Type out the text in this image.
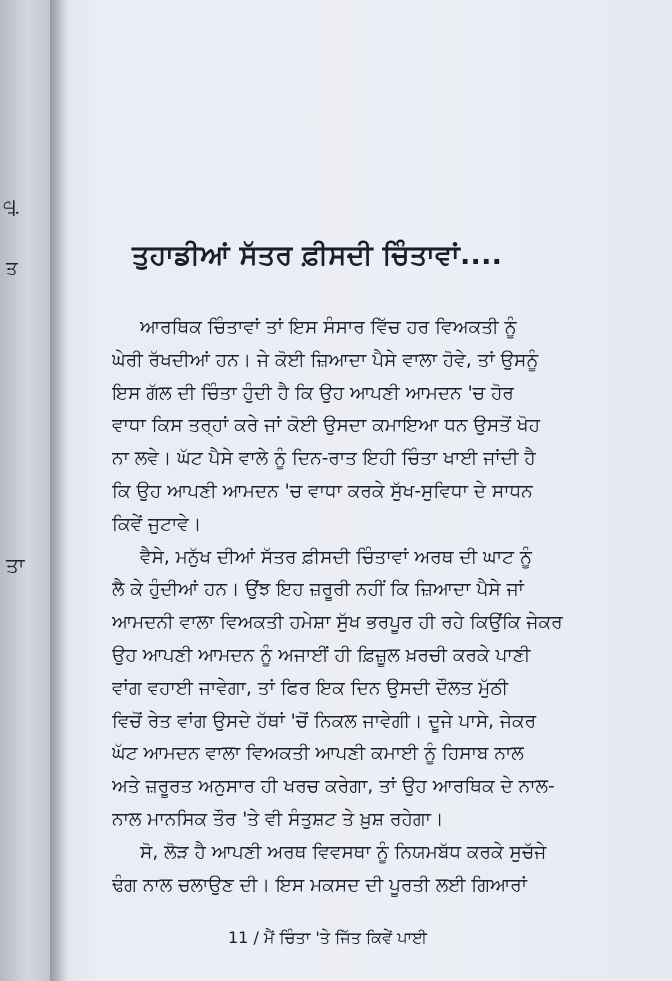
ਹਾਂ
ਤ
ਤਾ
ਤੁਹਾਡੀਆਂ ਸੱਤਰ ਫ਼ੀਸਦੀ ਚਿੰਤਾਵਾਂ....
ਆਰਥਿਕ ਚਿੰਤਾਵਾਂ ਤਾਂ ਇਸ ਸੰਸਾਰ ਵਿੱਚ ਹਰ ਵਿਅਕਤੀ ਨੂੰ
ਘੇਰੀ ਰੱਖਦੀਆਂ ਹਨ। ਜੇ ਕੋਈ ਜ਼ਿਆਦਾ ਪੈਸੇ ਵਾਲਾ ਹੋਵੇ, ਤਾਂ ਉਸਨੂੰ
ਇਸ ਗੱਲ ਦੀ ਚਿੰਤਾ ਹੁੰਦੀ ਹੈ ਕਿ ਉਹ ਆਪਣੀ ਆਮਦਨ 'ਚ ਹੋਰ
ਵਾਧਾ ਕਿਸ ਤਰ੍ਹਾਂ ਕਰੇ ਜਾਂ ਕੋਈ ਉਸਦਾ ਕਮਾਇਆ ਧਨ ਉਸਤੋਂ ਖੋਹ
ਨਾ ਲਵੇ। ਘੱਟ ਪੈਸੇ ਵਾਲੇ ਨੂੰ ਦਿਨ-ਰਾਤ ਇਹੀ ਚਿੰਤਾ ਖਾਈ ਜਾਂਦੀ ਹੈ
ਕਿ ਉਹ ਆਪਣੀ ਆਮਦਨ 'ਚ ਵਾਧਾ ਕਰਕੇ ਸੁੱਖ-ਸੁਵਿਧਾ ਦੇ ਸਾਧਨ
ਕਿਵੇਂ ਜੁਟਾਵੇ।
ਵੈਸੇ, ਮਨੁੱਖ ਦੀਆਂ ਸੱਤਰ ਫ਼ੀਸਦੀ ਚਿੰਤਾਵਾਂ ਅਰਥ ਦੀ ਘਾਟ ਨੂੰ
ਲੈ ਕੇ ਹੁੰਦੀਆਂ ਹਨ। ਉਂਝ ਇਹ ਜ਼ਰੂਰੀ ਨਹੀਂ ਕਿ ਜ਼ਿਆਦਾ ਪੈਸੇ ਜਾਂ
ਆਮਦਨੀ ਵਾਲਾ ਵਿਅਕਤੀ ਹਮੇਸ਼ਾ ਸੁੱਖ ਭਰਪੂਰ ਹੀ ਰਹੇ ਕਿਉਂਕਿ ਜੇਕਰ
ਉਹ ਆਪਣੀ ਆਮਦਨ ਨੂੰ ਅਜਾਈਂ ਹੀ ਫ਼ਿਜ਼ੂਲ ਖ਼ਰਚੀ ਕਰਕੇ ਪਾਣੀ
ਵਾਂਗ ਵਹਾਈ ਜਾਵੇਗਾ, ਤਾਂ ਫਿਰ ਇਕ ਦਿਨ ਉਸਦੀ ਦੌਲਤ ਮੁੱਠੀ
ਵਿਚੋਂ ਰੇਤ ਵਾਂਗ ਉਸਦੇ ਹੱਥਾਂ 'ਚੋਂ ਨਿਕਲ ਜਾਵੇਗੀ। ਦੂਜੇ ਪਾਸੇ, ਜੇਕਰ
ਘੱਟ ਆਮਦਨ ਵਾਲਾ ਵਿਅਕਤੀ ਆਪਣੀ ਕਮਾਈ ਨੂੰ ਹਿਸਾਬ ਨਾਲ
ਅਤੇ ਜ਼ਰੂਰਤ ਅਨੁਸਾਰ ਹੀ ਖਰਚ ਕਰੇਗਾ, ਤਾਂ ਉਹ ਆਰਥਿਕ ਦੇ ਨਾਲ-
ਨਾਲ ਮਾਨਸਿਕ ਤੌਰ 'ਤੇ ਵੀ ਸੰਤੁਸ਼ਟ ਤੇ ਖ਼ੁਸ਼ ਰਹੇਗਾ।
ਸੋ, ਲੋੜ ਹੈ ਆਪਣੀ ਅਰਥ ਵਿਵਸਥਾ ਨੂੰ ਨਿਯਮਬੱਧ ਕਰਕੇ ਸੁਚੱਜੇ
ਢੰਗ ਨਾਲ ਚਲਾਉਣ ਦੀ। ਇਸ ਮਕਸਦ ਦੀ ਪੂਰਤੀ ਲਈ ਗਿਆਰਾਂ
11 / ਮੈਂ ਚਿੰਤਾ 'ਤੇ ਜਿੱਤ ਕਿਵੇਂ ਪਾਈ
